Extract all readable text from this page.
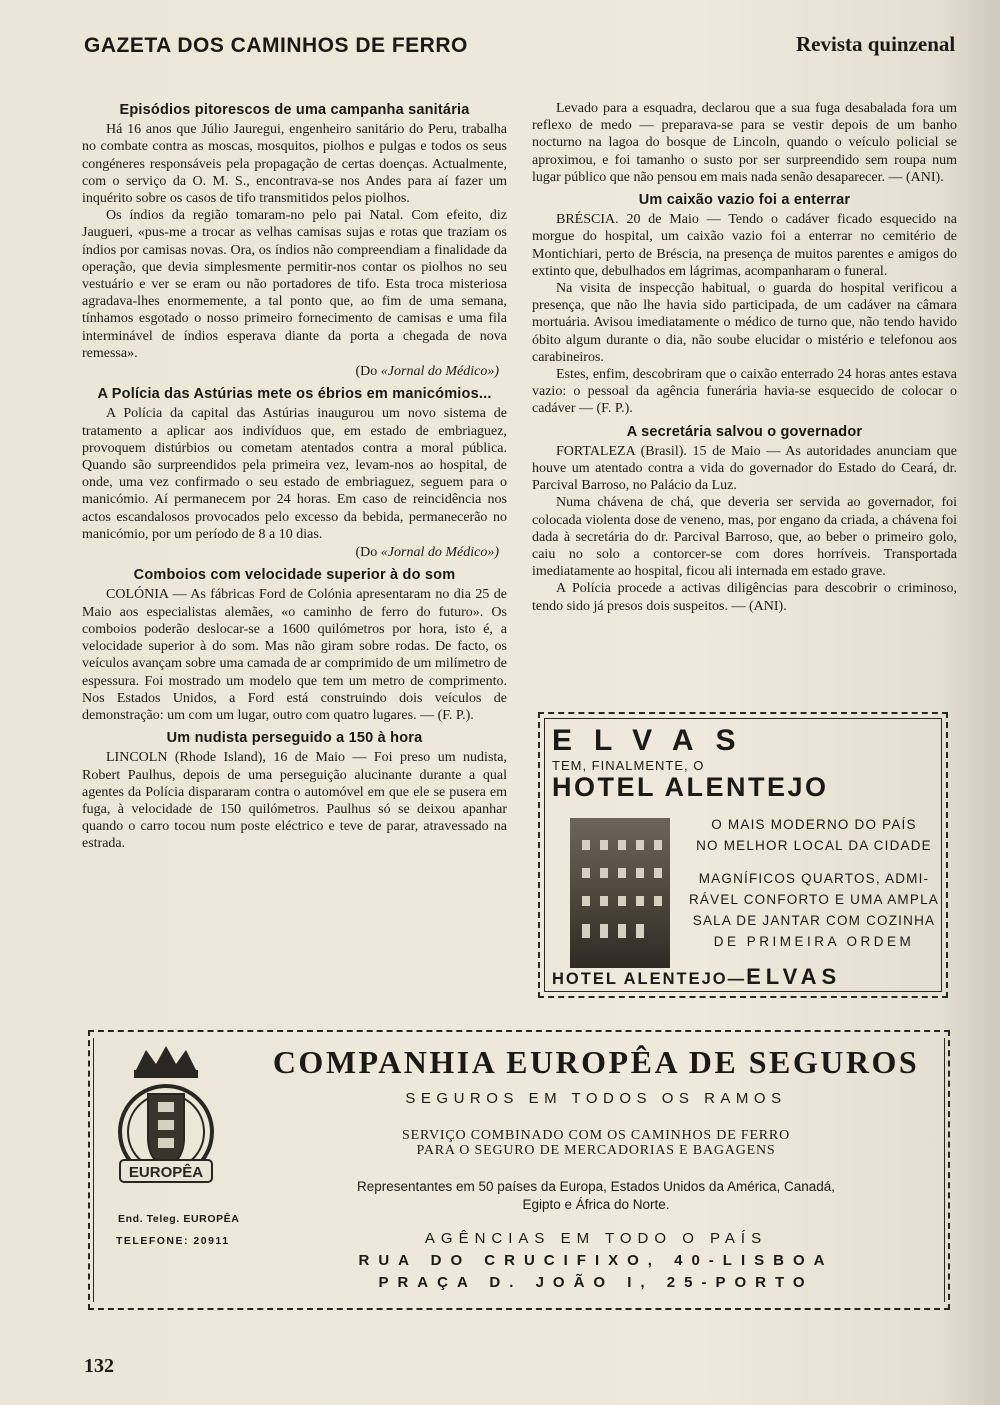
GAZETA DOS CAMINHOS DE FERRO	Revista quinzenal
Episódios pitorescos de uma campanha sanitária

Há 16 anos que Júlio Jauregui, engenheiro sanitário do Peru, trabalha no combate contra as moscas, mosquitos, piolhos e pulgas e todos os seus congéneres responsáveis pela propagação de certas doenças. Actualmente, com o serviço da O. M. S., encontrava-se nos Andes para aí fazer um inquérito sobre os casos de tifo transmitidos pelos piolhos.

Os índios da região tomaram-no pelo pai Natal. Com efeito, diz Jaugueri, «pus-me a trocar as velhas camisas sujas e rotas que traziam os índios por camisas novas. Ora, os índios não compreendiam a finalidade da operação, que devia simplesmente permitir-nos contar os piolhos no seu vestuário e ver se eram ou não portadores de tifo. Esta troca misteriosa agradava-lhes enormemente, a tal ponto que, ao fim de uma semana, tínhamos esgotado o nosso primeiro fornecimento de camisas e uma fila interminável de índios esperava diante da porta a chegada de nova remessa».

(Do «Jornal do Médico»)
A Polícia das Astúrias mete os ébrios em manicómios...

A Polícia da capital das Astúrias inaugurou um novo sistema de tratamento a aplicar aos indivíduos que, em estado de embriaguez, provoquem distúrbios ou cometam atentados contra a moral pública. Quando são surpreendidos pela primeira vez, levam-nos ao hospital, de onde, uma vez confirmado o seu estado de embriaguez, seguem para o manicómio. Aí permanecem por 24 horas. Em caso de reincidência nos actos escandalosos provocados pelo excesso da bebida, permanecerão no manicómio, por um período de 8 a 10 dias.

(Do «Jornal do Médico»)
Comboios com velocidade superior à do som

COLÓNIA — As fábricas Ford de Colónia apresentaram no dia 25 de Maio aos especialistas alemães, «o caminho de ferro do futuro». Os comboios poderão deslocar-se a 1600 quilómetros por hora, isto é, a velocidade superior à do som. Mas não giram sobre rodas. De facto, os veículos avançam sobre uma camada de ar comprimido de um milímetro de espessura. Foi mostrado um modelo que tem um metro de comprimento. Nos Estados Unidos, a Ford está construindo dois veículos de demonstração: um com um lugar, outro com quatro lugares. — (F. P.).

Um nudista perseguido a 150 à hora

LINCOLN (Rhode Island), 16 de Maio — Foi preso um nudista, Robert Paulhus, depois de uma perseguição alucinante durante a qual agentes da Polícia dispararam contra o automóvel em que ele se pusera em fuga, à velocidade de 150 quilómetros. Paulhus só se deixou apanhar quando o carro tocou num poste eléctrico e teve de parar, atravessado na estrada.

Levado para a esquadra, declarou que a sua fuga desabalada fora um reflexo de medo — preparava-se para se vestir depois de um banho nocturno na lagoa do bosque de Lincoln, quando o veículo policial se aproximou, e foi tamanho o susto por ser surpreendido sem roupa num lugar público que não pensou em mais nada senão desaparecer. — (ANI).

Um caixão vazio foi a enterrar

BRÉSCIA. 20 de Maio — Tendo o cadáver ficado esquecido na morgue do hospital, um caixão vazio foi a enterrar no cemitério de Montichiari, perto de Bréscia, na presença de muitos parentes e amigos do extinto que, debulhados em lágrimas, acompanharam o funeral.

Na visita de inspecção habitual, o guarda do hospital verificou a presença, que não lhe havia sido participada, de um cadáver na câmara mortuária. Avisou imediatamente o médico de turno que, não tendo havido óbito algum durante o dia, não soube elucidar o mistério e telefonou aos carabineiros.

Estes, enfim, descobriram que o caixão enterrado 24 horas antes estava vazio: o pessoal da agência funerária havia-se esquecido de colocar o cadáver — (F. P.).

A secretária salvou o governador

FORTALEZA (Brasil). 15 de Maio — As autoridades anunciam que houve um atentado contra a vida do governador do Estado do Ceará, dr. Parcival Barroso, no Palácio da Luz.

Numa chávena de chá, que deveria ser servida ao governador, foi colocada violenta dose de veneno, mas, por engano da criada, a chávena foi dada à secretária do dr. Parcival Barroso, que, ao beber o primeiro golo, caiu no solo a contorcer-se com dores horríveis. Transportada imediatamente ao hospital, ficou ali internada em estado grave.

A Polícia procede a activas diligências para descobrir o criminoso, tendo sido já presos dois suspeitos. — (ANI).

ELVAS
TEM, FINALMENTE, O
HOTEL ALENTEJO
O MAIS MODERNO DO PAÍS
NO MELHOR LOCAL DA CIDADE
MAGNÍFICOS QUARTOS, ADMI-
RÁVEL CONFORTO E UMA AMPLA
SALA DE JANTAR COM COZINHA
DE PRIMEIRA ORDEM
HOTEL ALENTEJO—ELVAS
EUROPÊA
End. Teleg. EUROPÊA
TELEFONE: 20911
COMPANHIA EUROPÊA DE SEGUROS
SEGUROS EM TODOS OS RAMOS
SERVIÇO COMBINADO COM OS CAMINHOS DE FERRO
PARA O SEGURO DE MERCADORIAS E BAGAGENS
Representantes em 50 países da Europa, Estados Unidos da América, Canadá,
Egipto e África do Norte.
AGÊNCIAS EM TODO O PAÍS
RUA DO CRUCIFIXO, 40-LISBOA
PRAÇA D. JOÃO I, 25-PORTO
132
